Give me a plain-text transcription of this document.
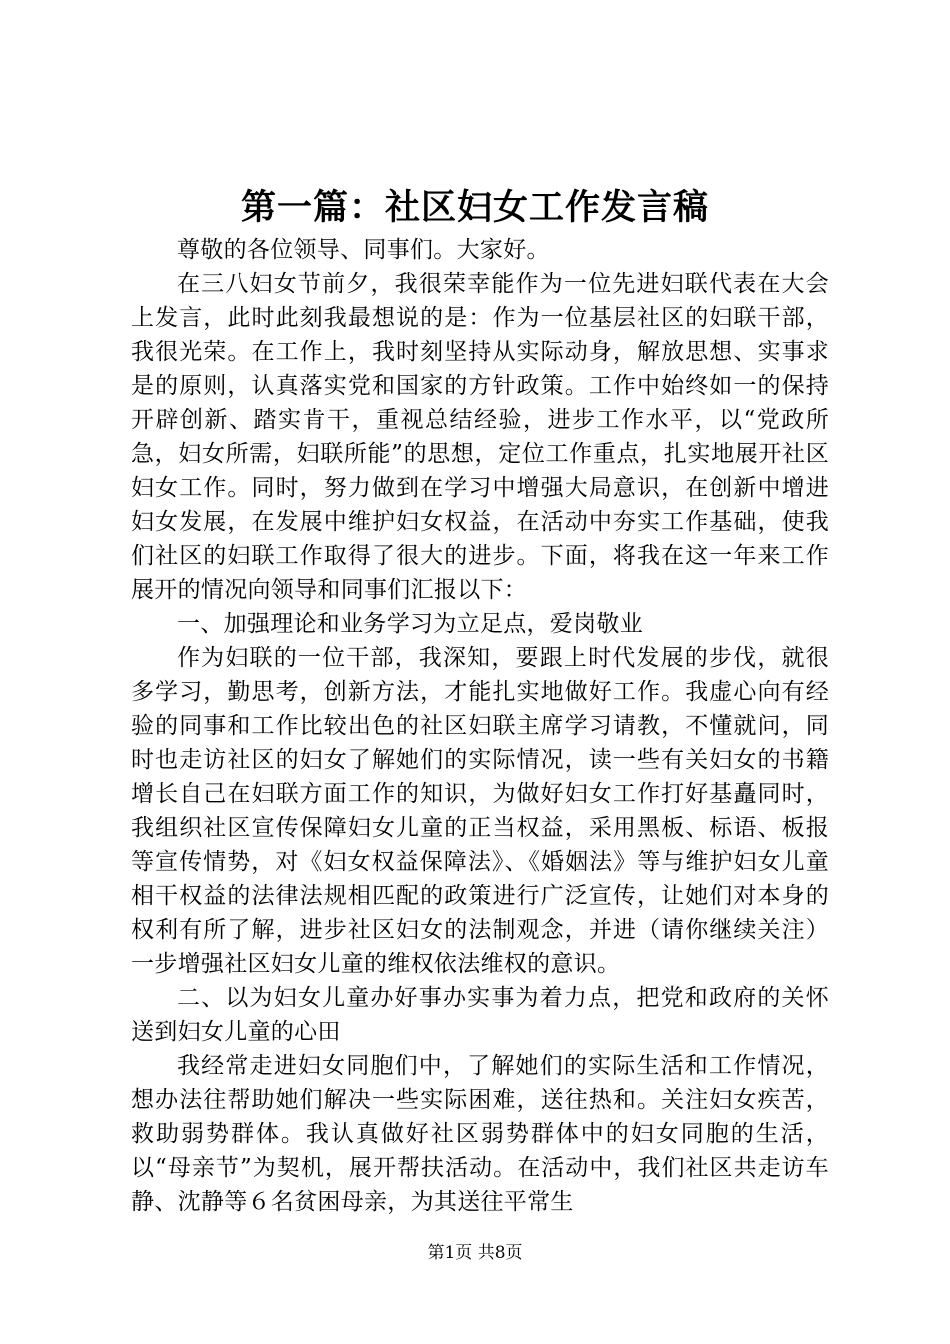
第一篇：社区妇女工作发言稿

尊敬的各位领导、同事们。大家好。

在三八妇女节前夕，我很荣幸能作为一位先进妇联代表在大会上发言，此时此刻我最想说的是：作为一位基层社区的妇联干部，我很光荣。在工作上，我时刻坚持从实际动身，解放思想、实事求是的原则，认真落实党和国家的方针政策。工作中始终如一的保持开辟创新、踏实肯干，重视总结经验，进步工作水平，以“党政所急，妇女所需，妇联所能”的思想，定位工作重点，扎实地展开社区妇女工作。同时，努力做到在学习中增强大局意识，在创新中增进妇女发展，在发展中维护妇女权益，在活动中夯实工作基础，使我们社区的妇联工作取得了很大的进步。下面，将我在这一年来工作展开的情况向领导和同事们汇报以下：

一、加强理论和业务学习为立足点，爱岗敬业

作为妇联的一位干部，我深知，要跟上时代发展的步伐，就很多学习，勤思考，创新方法，才能扎实地做好工作。我虚心向有经验的同事和工作比较出色的社区妇联主席学习请教，不懂就问，同时也走访社区的妇女了解她们的实际情况，读一些有关妇女的书籍增长自己在妇联方面工作的知识，为做好妇女工作打好基矗同时，我组织社区宣传保障妇女儿童的正当权益，采用黑板、标语、板报等宣传情势，对《妇女权益保障法》、《婚姻法》等与维护妇女儿童相干权益的法律法规相匹配的政策进行广泛宣传，让她们对本身的权利有所了解，进步社区妇女的法制观念，并进（请你继续关注）一步增强社区妇女儿童的维权依法维权的意识。

二、以为妇女儿童办好事办实事为着力点，把党和政府的关怀送到妇女儿童的心田

我经常走进妇女同胞们中，了解她们的实际生活和工作情况，想办法往帮助她们解决一些实际困难，送往热和。关注妇女疾苦，救助弱势群体。我认真做好社区弱势群体中的妇女同胞的生活，以“母亲节”为契机，展开帮扶活动。在活动中，我们社区共走访车静、沈静等６名贫困母亲，为其送往平常生

第1页 共8页
